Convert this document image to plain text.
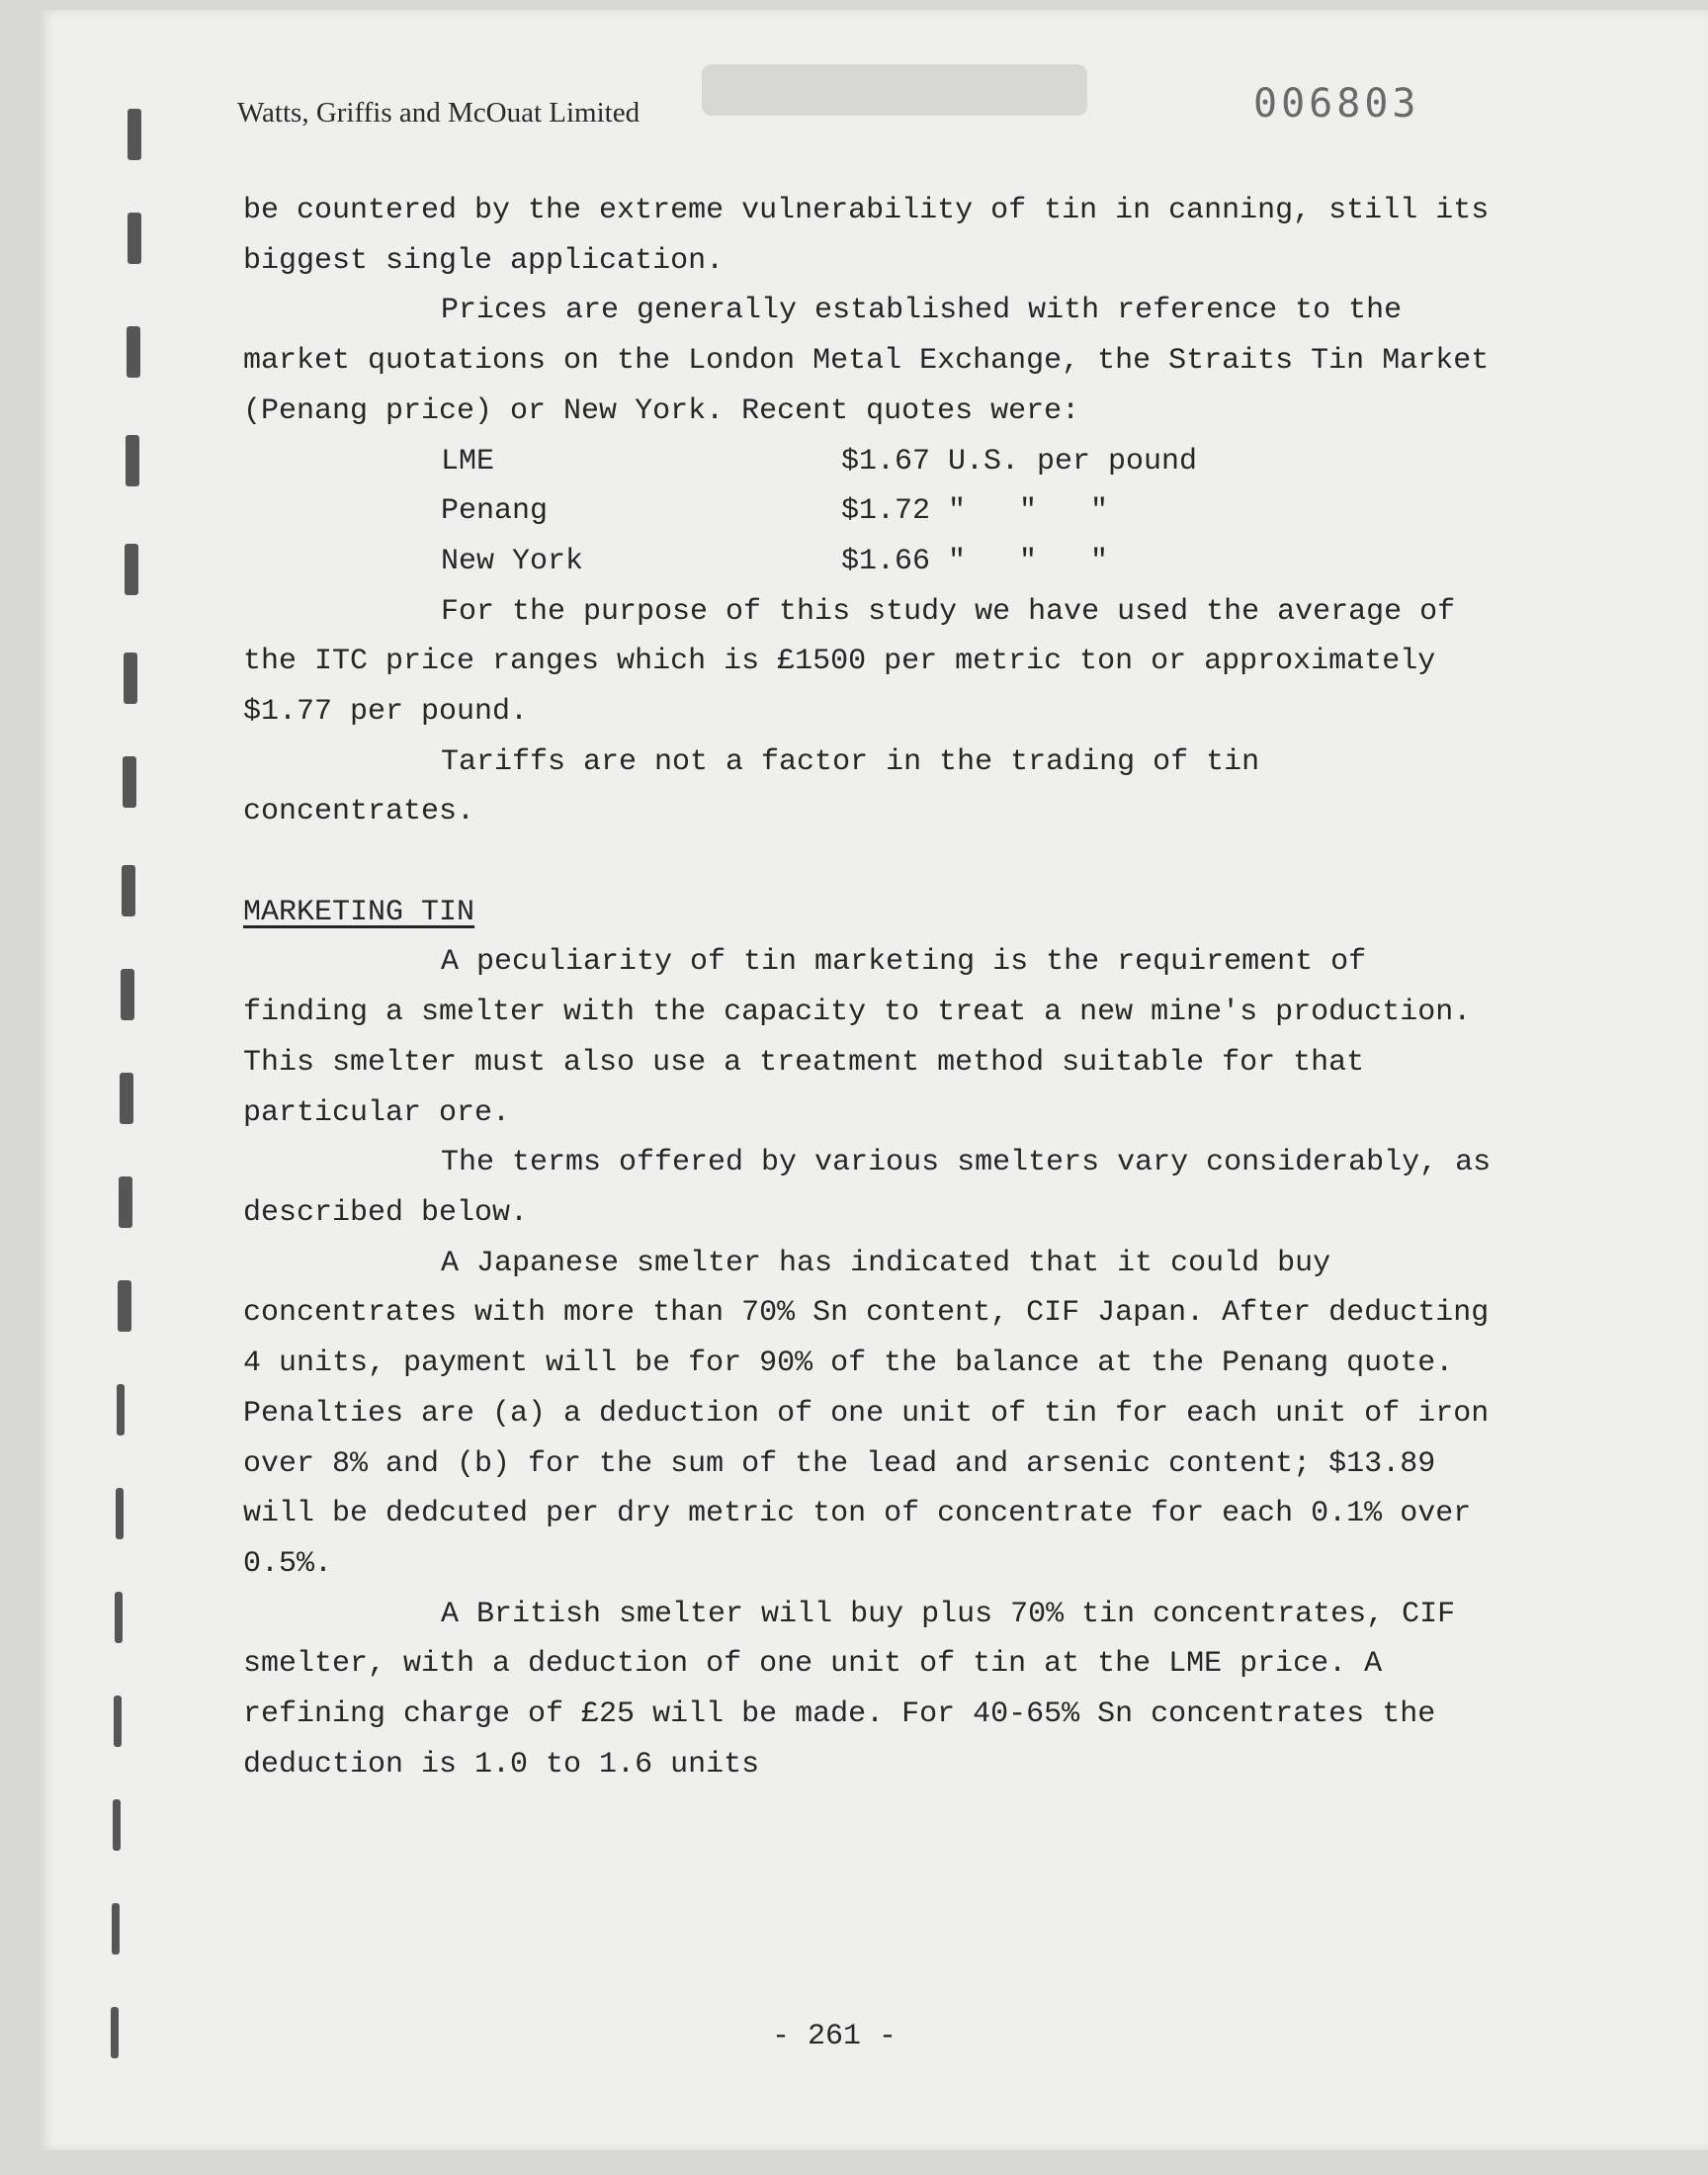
Watts, Griffis and McOuat Limited	006803

be countered by the extreme vulnerability of tin in canning, still its biggest single application.

Prices are generally established with reference to the market quotations on the London Metal Exchange, the Straits Tin Market (Penang price) or New York. Recent quotes were:

LME	$1.67 U.S. per pound
Penang	$1.72 "   "   "
New York	$1.66 "   "   "

For the purpose of this study we have used the average of the ITC price ranges which is £1500 per metric ton or approximately $1.77 per pound.

Tariffs are not a factor in the trading of tin concentrates.

MARKETING TIN

A peculiarity of tin marketing is the requirement of finding a smelter with the capacity to treat a new mine's production. This smelter must also use a treatment method suitable for that particular ore.

The terms offered by various smelters vary considerably, as described below.

A Japanese smelter has indicated that it could buy concentrates with more than 70% Sn content, CIF Japan. After deducting 4 units, payment will be for 90% of the balance at the Penang quote. Penalties are (a) a deduction of one unit of tin for each unit of iron over 8% and (b) for the sum of the lead and arsenic content; $13.89 will be dedcuted per dry metric ton of concentrate for each 0.1% over 0.5%.

A British smelter will buy plus 70% tin concentrates, CIF smelter, with a deduction of one unit of tin at the LME price. A refining charge of £25 will be made. For 40-65% Sn concentrates the deduction is 1.0 to 1.6 units

- 261 -
